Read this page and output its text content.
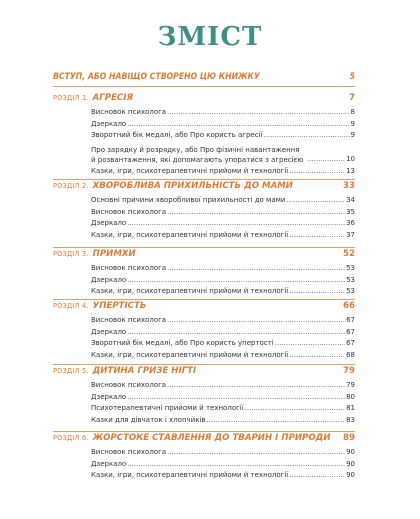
ЗМІСТ
ВСТУП, АБО НАВІЩО СТВОРЕНО ЦЮ КНИЖКУ	5
РОЗДІЛ 1. АГРЕСІЯ	7
Висновок психолога .....	8
Дзеркало .....	9
Зворотний бік медалі, або Про користь агресії .....	9
Про зарядку й розрядку, або Про фізичні навантаження й розвантаження, які допомагають упоратися з агресією .....	10
Казки, ігри, психотерапевтичні прийоми й технології .....	13
РОЗДІЛ 2. ХВОРОБЛИВА ПРИХИЛЬНІСТЬ ДО МАМИ	33
Основні причини хворобливої прихильності до мами .....	34
Висновок психолога .....	35
Дзеркало .....	36
Казки, ігри, психотерапевтичні прийоми й технології .....	37
РОЗДІЛ 3. ПРИМХИ	52
Висновок психолога .....	53
Дзеркало .....	53
Казки, ігри, психотерапевтичні прийоми й технології .....	53
РОЗДІЛ 4. УПЕРТІСТЬ	66
Висновок психолога .....	67
Дзеркало .....	67
Зворотний бік медалі, або Про користь упертості .....	67
Казки, ігри, психотерапевтичні прийоми й технології .....	68
РОЗДІЛ 5. ДИТИНА ГРИЗЕ НІГТІ	79
Висновок психолога .....	79
Дзеркало .....	80
Психотерапевтичні прийоми й технології .....	81
Казки для дівчаток і хлопчиків .....	83
РОЗДІЛ 6. ЖОРСТОКЕ СТАВЛЕННЯ ДО ТВАРИН І ПРИРОДИ 89
Висновок психолога .....	90
Дзеркало .....	90
Казки, ігри, психотерапевтичні прийоми й технології .....	90
